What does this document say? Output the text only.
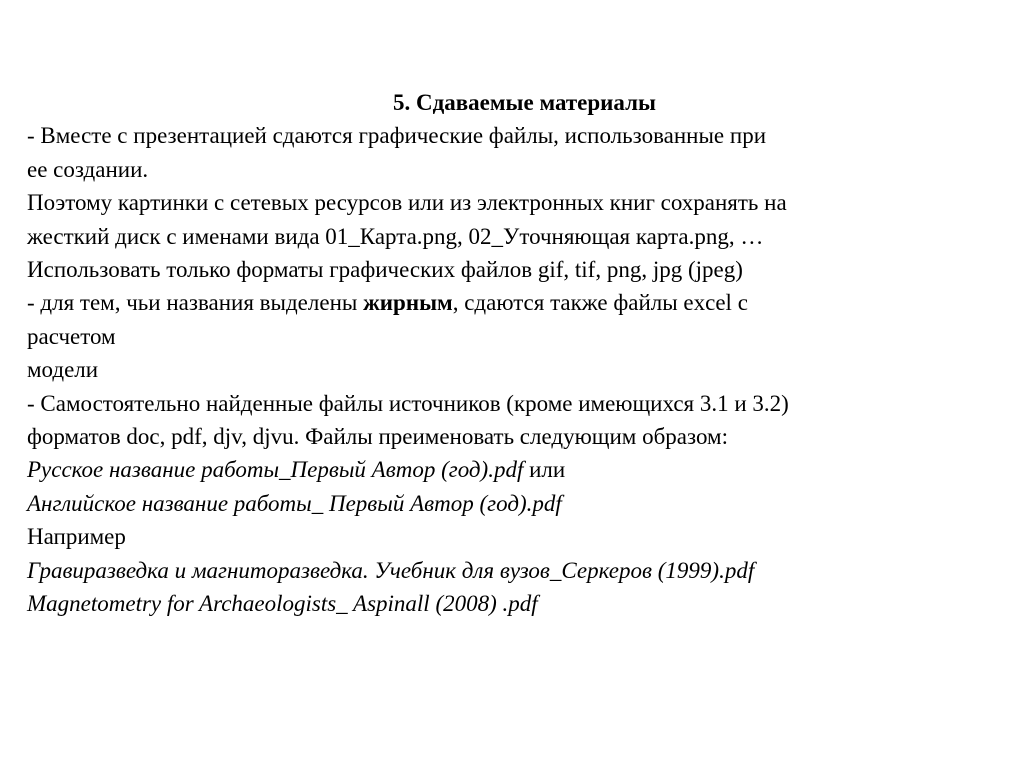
5. Сдаваемые материалы
- Вместе с презентацией сдаются графические файлы, использованные при
ее создании.
Поэтому картинки с сетевых ресурсов или из электронных книг сохранять на
жесткий диск с именами вида 01_Карта.png, 02_Уточняющая карта.png, …
Использовать только форматы графических файлов gif, tif, png, jpg (jpeg)
- для тем, чьи названия выделены жирным, сдаются также файлы excel с
расчетом
модели
- Самостоятельно найденные файлы источников (кроме имеющихся 3.1 и 3.2)
форматов doc, pdf, djv, djvu. Файлы преименовать следующим образом:
Русское название работы_Первый Автор (год).pdf или
Английское название работы_ Первый Автор (год).pdf
Например
Гравиразведка и магниторазведка. Учебник для вузов_Серкеров (1999).pdf
Magnetometry for Archaeologists_ Aspinall (2008) .pdf
